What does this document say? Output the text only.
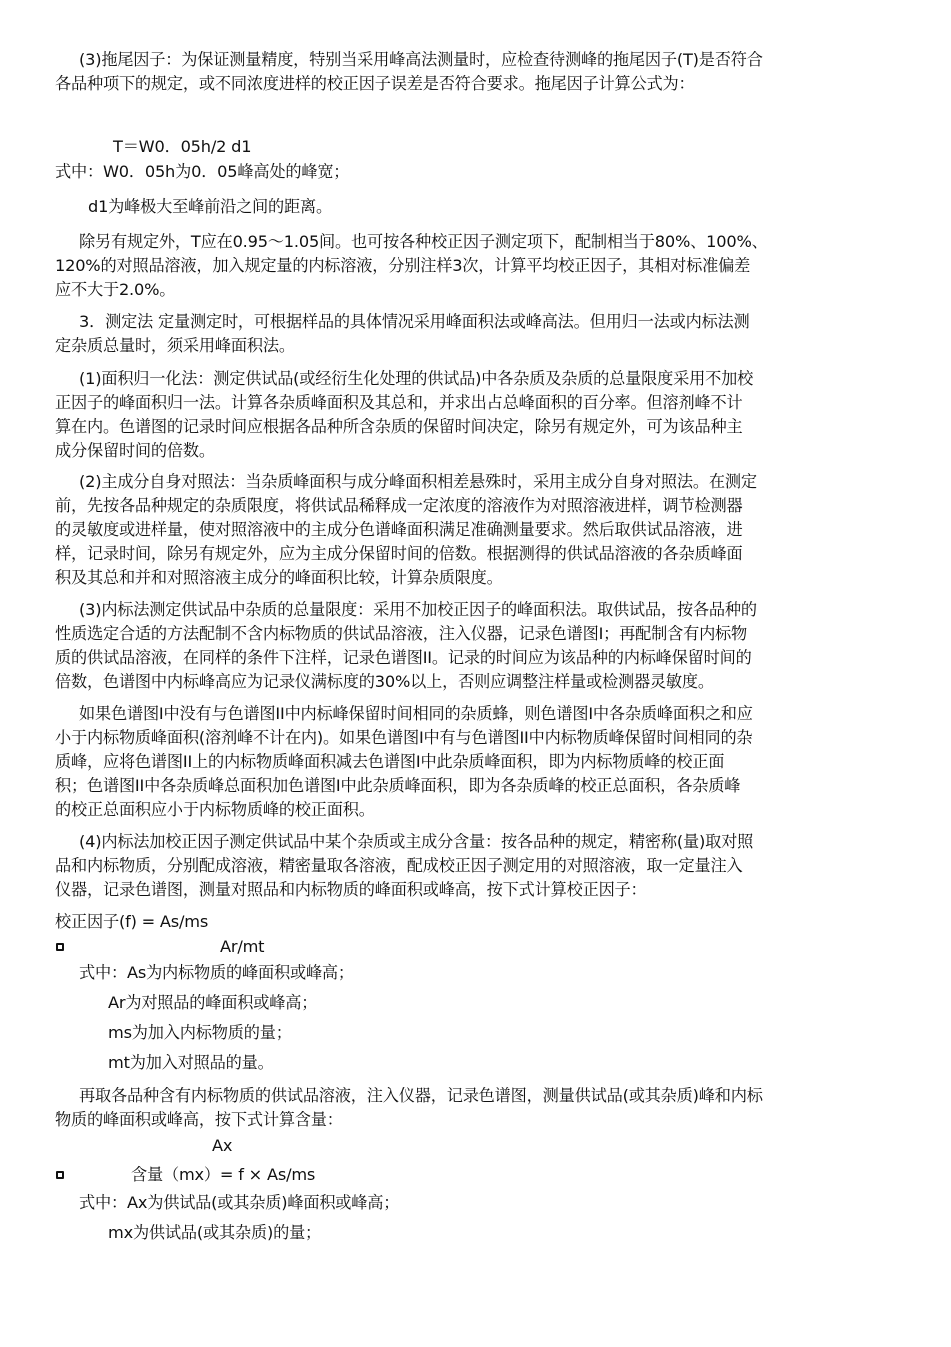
(3)拖尾因子：为保证测量精度，特别当采用峰高法测量时，应检查待测峰的拖尾因子(T)是否符合
各品种项下的规定，或不同浓度进样的校正因子误差是否符合要求。拖尾因子计算公式为：
T＝W0．05h/2 d1
式中：W0．05h为0．05峰高处的峰宽；
d1为峰极大至峰前沿之间的距离。
除另有规定外，T应在0.95～1.05间。也可按各种校正因子测定项下，配制相当于80%、100%、
120%的对照品溶液，加入规定量的内标溶液，分别注样3次，计算平均校正因子，其相对标准偏差
应不大于2.0%。
3．测定法 定量测定时，可根据样品的具体情况采用峰面积法或峰高法。但用归一法或内标法测
定杂质总量时，须采用峰面积法。
(1)面积归一化法：测定供试品(或经衍生化处理的供试品)中各杂质及杂质的总量限度采用不加校
正因子的峰面积归一法。计算各杂质峰面积及其总和，并求出占总峰面积的百分率。但溶剂峰不计
算在内。色谱图的记录时间应根据各品种所含杂质的保留时间决定，除另有规定外，可为该品种主
成分保留时间的倍数。
(2)主成分自身对照法：当杂质峰面积与成分峰面积相差悬殊时，采用主成分自身对照法。在测定
前，先按各品种规定的杂质限度，将供试品稀释成一定浓度的溶液作为对照溶液进样，调节检测器
的灵敏度或进样量，使对照溶液中的主成分色谱峰面积满足准确测量要求。然后取供试品溶液，进
样，记录时间，除另有规定外，应为主成分保留时间的倍数。根据测得的供试品溶液的各杂质峰面
积及其总和并和对照溶液主成分的峰面积比较，计算杂质限度。
(3)内标法测定供试品中杂质的总量限度：采用不加校正因子的峰面积法。取供试品，按各品种的
性质选定合适的方法配制不含内标物质的供试品溶液，注入仪器，记录色谱图I；再配制含有内标物
质的供试品溶液，在同样的条件下注样，记录色谱图II。记录的时间应为该品种的内标峰保留时间的
倍数，色谱图中内标峰高应为记录仪满标度的30%以上，否则应调整注样量或检测器灵敏度。
如果色谱图I中没有与色谱图II中内标峰保留时间相同的杂质蜂，则色谱图I中各杂质峰面积之和应
小于内标物质峰面积(溶剂峰不计在内)。如果色谱图I中有与色谱图II中内标物质峰保留时间相同的杂
质峰，应将色谱图II上的内标物质峰面积减去色谱图I中此杂质峰面积，即为内标物质峰的校正面
积；色谱图II中各杂质峰总面积加色谱图I中此杂质峰面积，即为各杂质峰的校正总面积，各杂质峰
的校正总面积应小于内标物质峰的校正面积。
(4)内标法加校正因子测定供试品中某个杂质或主成分含量：按各品种的规定，精密称(量)取对照
品和内标物质，分别配成溶液，精密量取各溶液，配成校正因子测定用的对照溶液，取一定量注入
仪器，记录色谱图，测量对照品和内标物质的峰面积或峰高，按下式计算校正因子：
校正因子(f) = As/ms
Ar/mt
式中：As为内标物质的峰面积或峰高；
Ar为对照品的峰面积或峰高；
ms为加入内标物质的量；
mt为加入对照品的量。
再取各品种含有内标物质的供试品溶液，注入仪器，记录色谱图，测量供试品(或其杂质)峰和内标
物质的峰面积或峰高，按下式计算含量：
Ax
含量（mx）= f × As/ms
式中：Ax为供试品(或其杂质)峰面积或峰高；
mx为供试品(或其杂质)的量；
